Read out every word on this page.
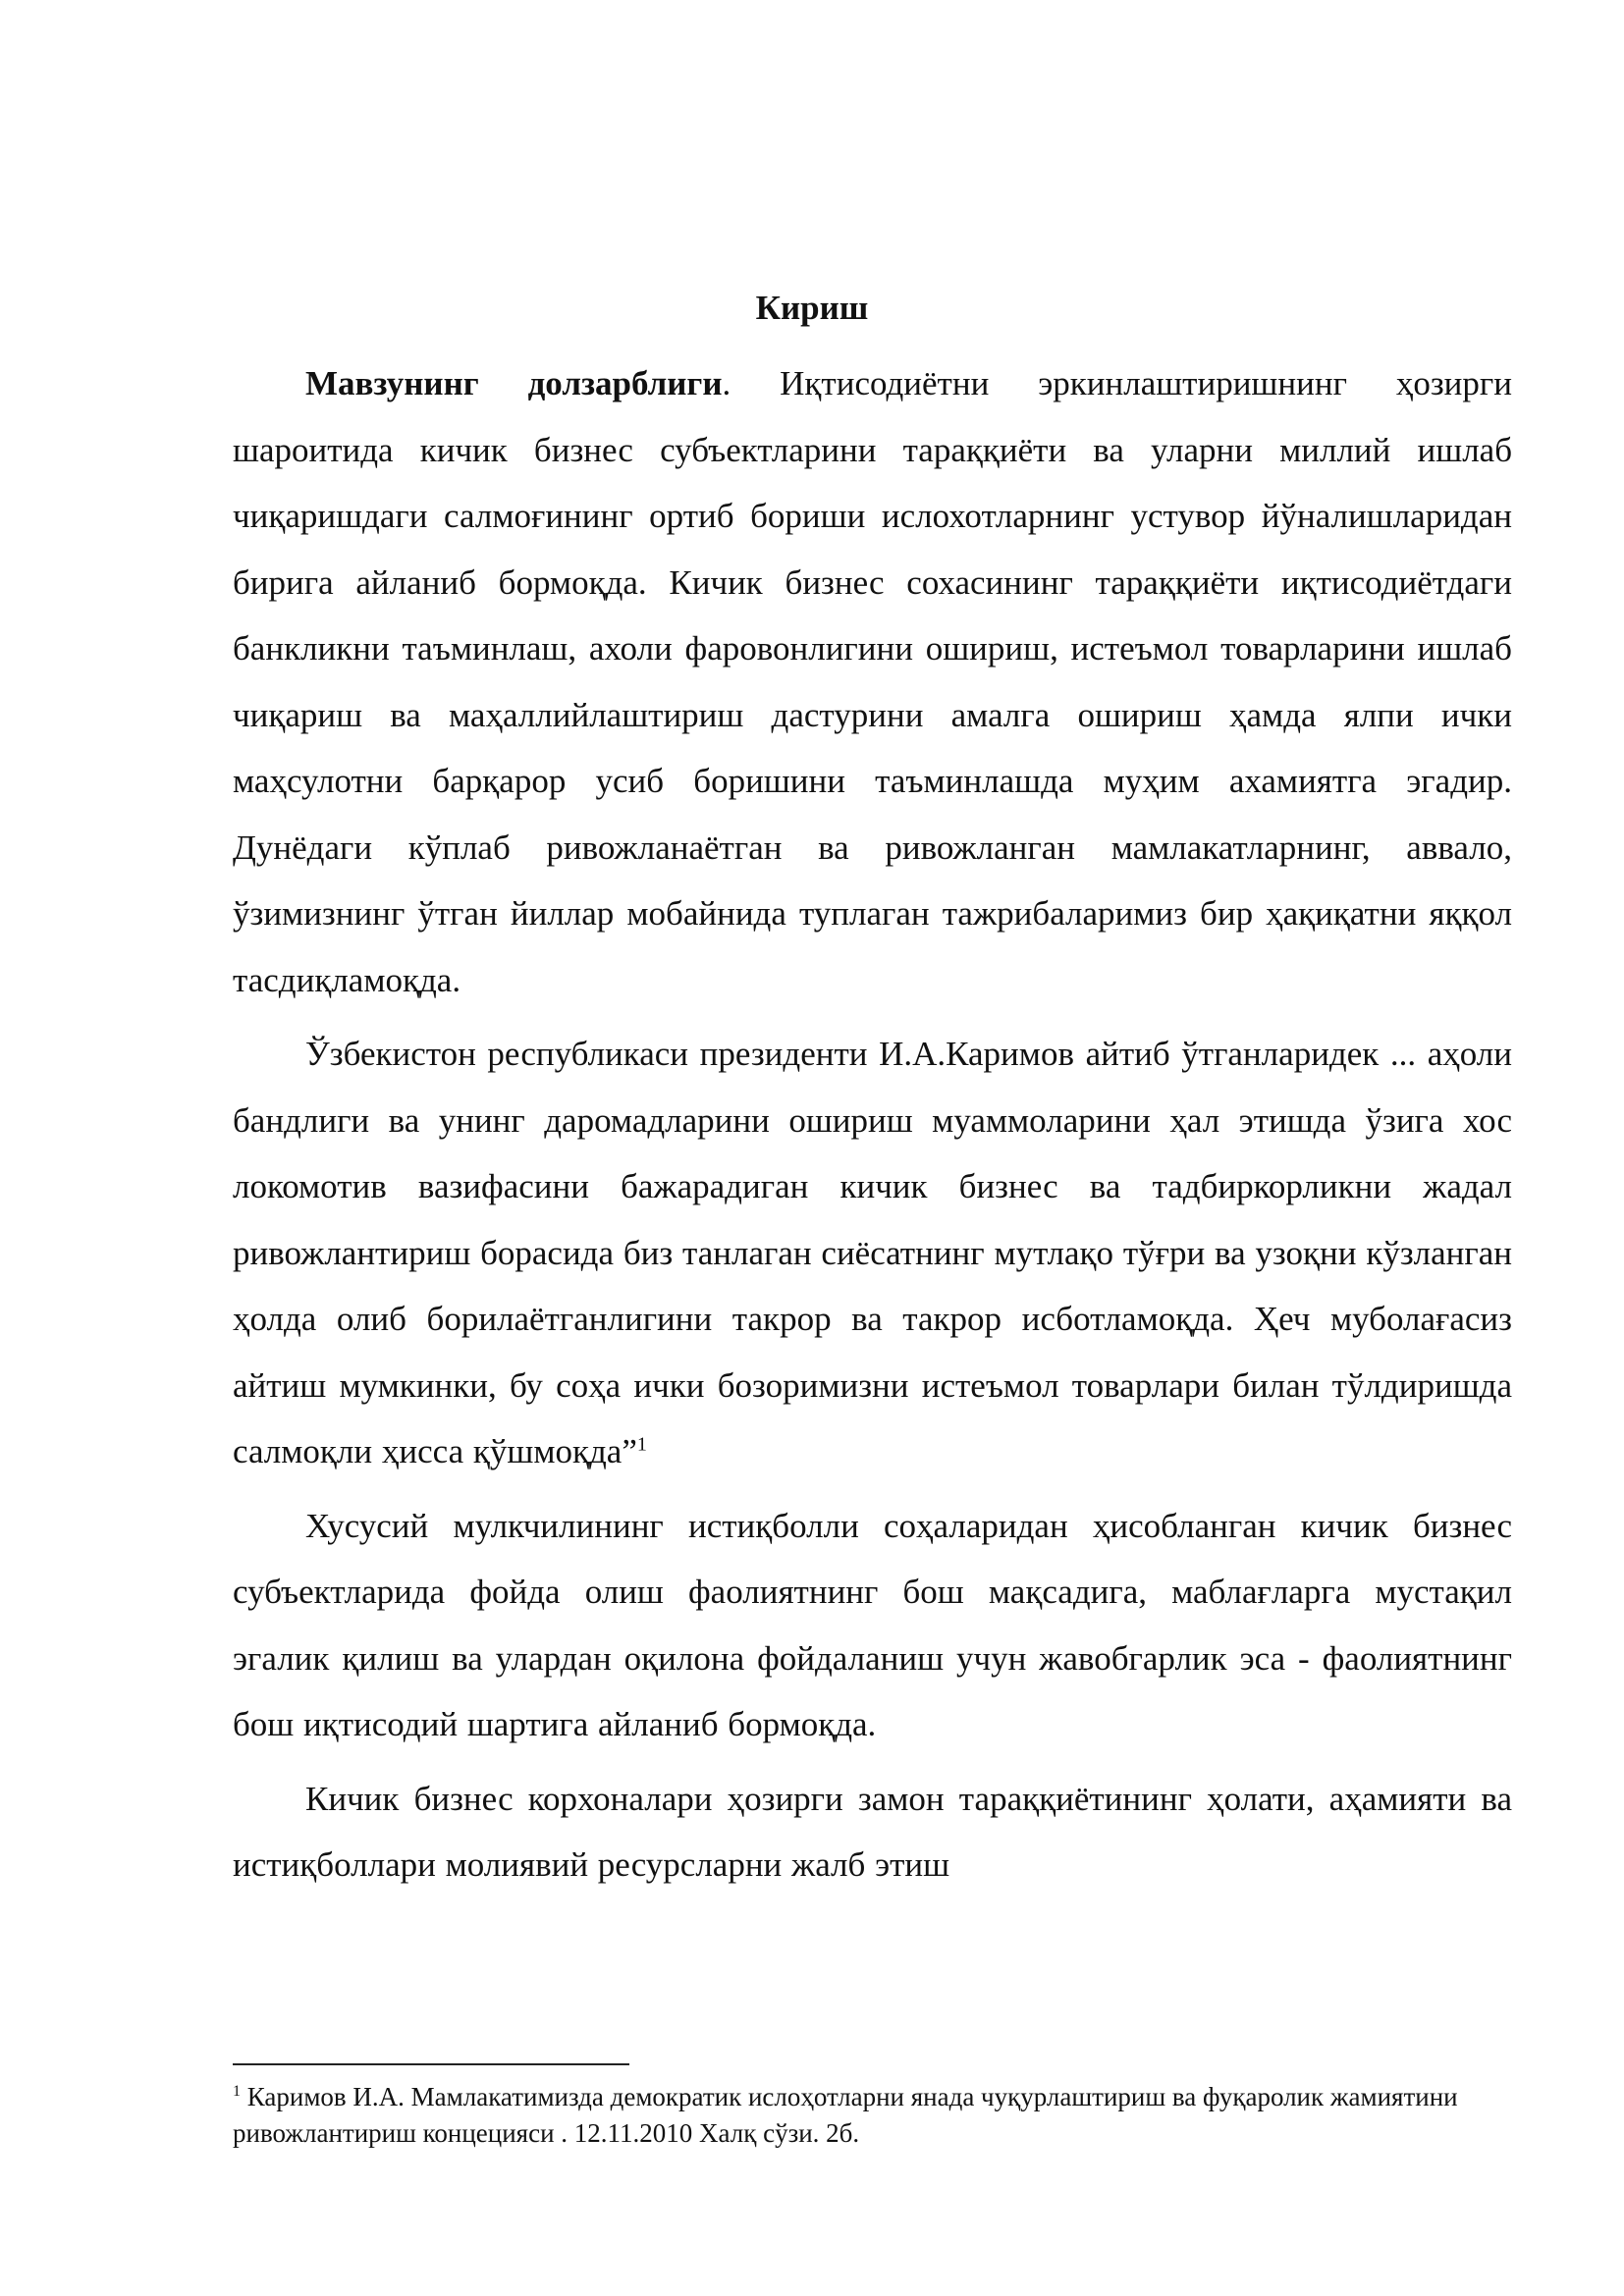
Кириш

Мавзунинг долзарблиги. Иқтисодиётни эркинлаштиришнинг ҳозирги шароитида кичик бизнес субъектларини тараққиёти ва уларни миллий ишлаб чиқаришдаги салмоғининг ортиб бориши ислохотларнинг устувор йўналишларидан бирига айланиб бормоқда. Кичик бизнес сохасининг тараққиёти иқтисодиётдаги банкликни таъминлаш, ахоли фаровонлигини ошириш, истеъмол товарларини ишлаб чиқариш ва маҳаллийлаштириш дастурини амалга ошириш ҳамда ялпи ички маҳсулотни барқарор усиб боришини таъминлашда муҳим ахамиятга эгадир. Дунёдаги кўплаб ривожланаётган ва ривожланган мамлакатларнинг, аввало, ўзимизнинг ўтган йиллар мобайнида туплаган тажрибаларимиз бир ҳақиқатни яққол тасдиқламоқда.

Ўзбекистон республикаси президенти И.А.Каримов айтиб ўтганларидек ... аҳоли бандлиги ва унинг даромадларини ошириш муаммоларини ҳал этишда ўзига хос локомотив вазифасини бажарадиган кичик бизнес ва тадбиркорликни жадал ривожлантириш борасида биз танлаган сиёсатнинг мутлақо тўғри ва узоқни кўзланган ҳолда олиб борилаётганлигини такрор ва такрор исботламоқда. Ҳеч муболағасиз айтиш мумкинки, бу соҳа ички бозоримизни истеъмол товарлари билан тўлдиришда салмоқли ҳисса қўшмоқда”$^1$

Хусусий мулкчилининг истиқболли соҳаларидан ҳисобланган кичик бизнес субъектларида фойда олиш фаолиятнинг бош мақсадига, маблағларга мустақил эгалик қилиш ва улардан оқилона фойдаланиш учун жавобгарлик эса - фаолиятнинг бош иқтисодий шартига айланиб бормоқда.

Кичик бизнес корхоналари ҳозирги замон тараққиётининг ҳолати, аҳамияти ва истиқболлари молиявий ресурсларни жалб этиш

$^1$ Каримов И.А. Мамлакатимизда демократик ислоҳотларни янада чуқурлаштириш ва фуқаролик жамиятини ривожлантириш концецияси . 12.11.2010 Халқ сўзи. 2б.
